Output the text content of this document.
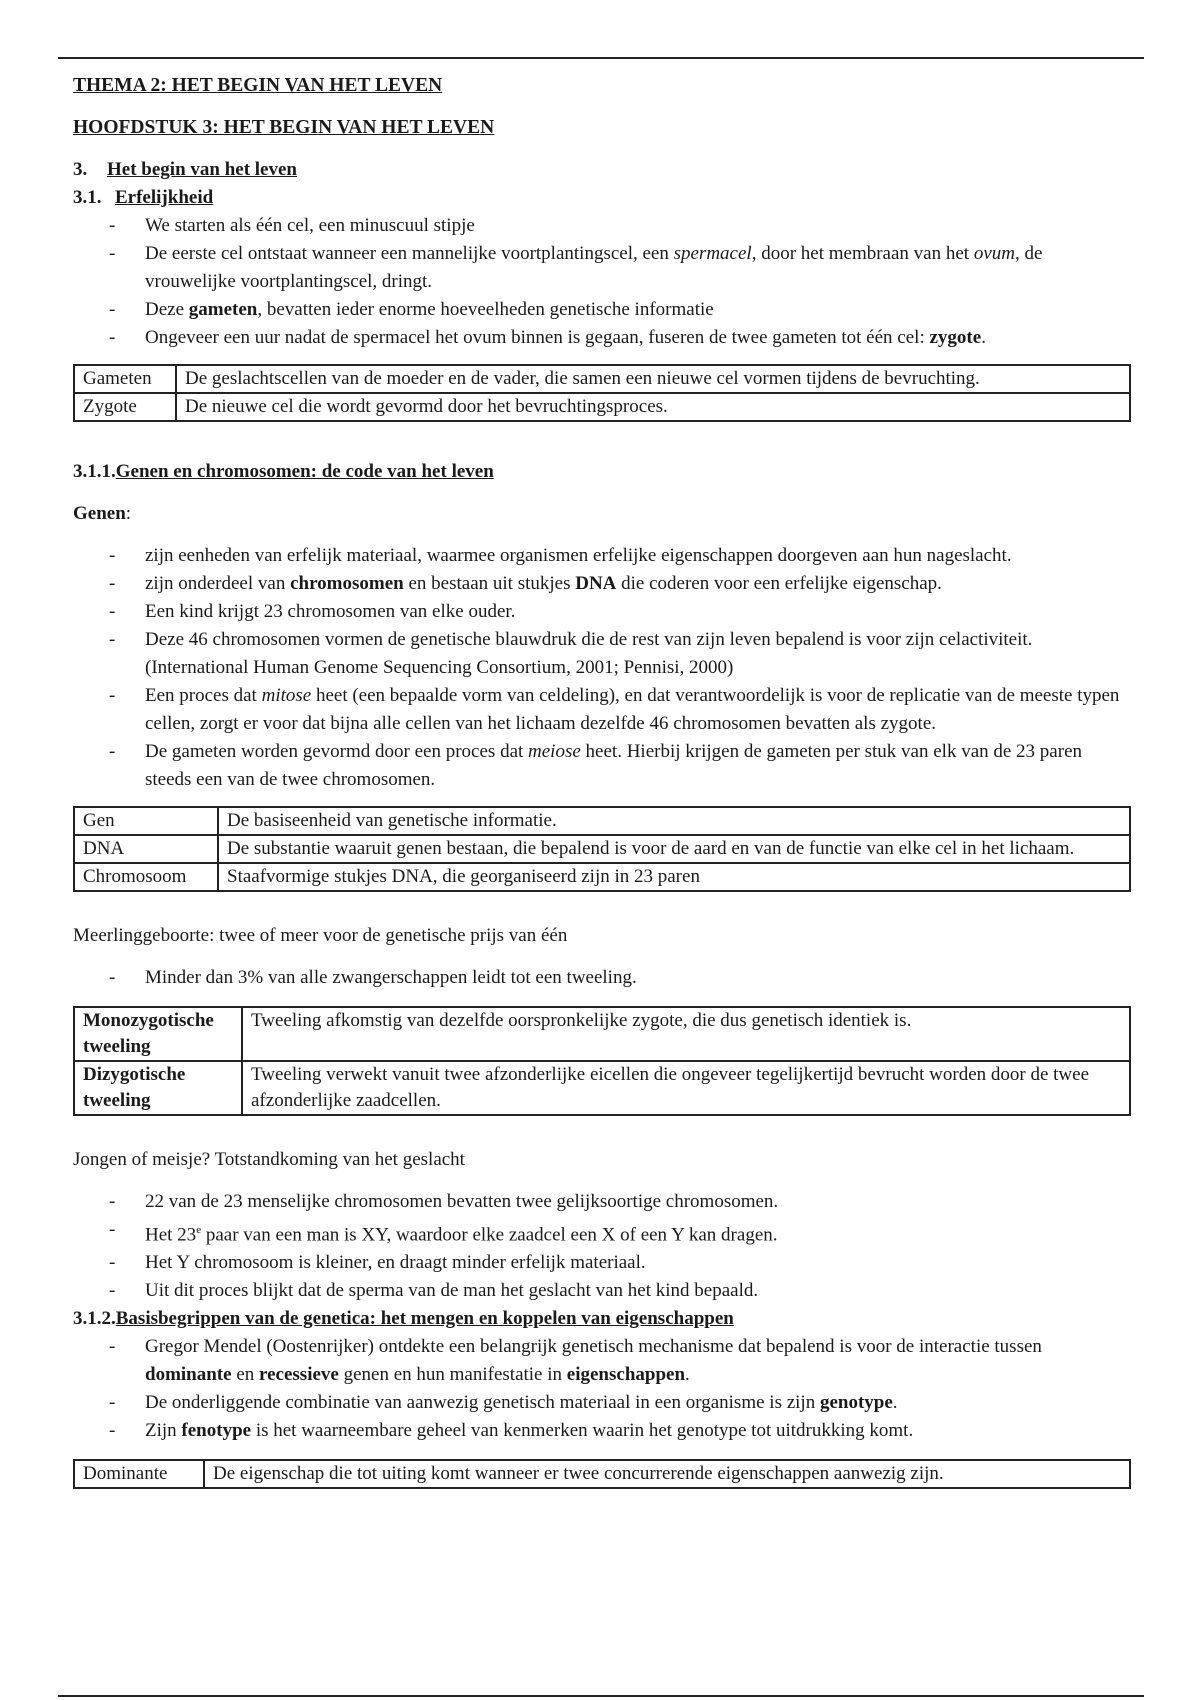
THEMA 2: HET BEGIN VAN HET LEVEN

HOOFDSTUK 3: HET BEGIN VAN HET LEVEN

3. Het begin van het leven

3.1. Erfelijkheid

- We starten als één cel, een minuscuul stipje
- De eerste cel ontstaat wanneer een mannelijke voortplantingscel, een spermacel, door het membraan van het ovum, de vrouwelijke voortplantingscel, dringt.
- Deze gameten, bevatten ieder enorme hoeveelheden genetische informatie
- Ongeveer een uur nadat de spermacel het ovum binnen is gegaan, fuseren de twee gameten tot één cel: zygote.
Gameten	De geslachtscellen van de moeder en de vader, die samen een nieuwe cel vormen tijdens de bevruchting.
Zygote	De nieuwe cel die wordt gevormd door het bevruchtingsproces.

3.1.1.Genen en chromosomen: de code van het leven

Genen:

- zijn eenheden van erfelijk materiaal, waarmee organismen erfelijke eigenschappen doorgeven aan hun nageslacht.
- zijn onderdeel van chromosomen en bestaan uit stukjes DNA die coderen voor een erfelijke eigenschap.
- Een kind krijgt 23 chromosomen van elke ouder.
- Deze 46 chromosomen vormen de genetische blauwdruk die de rest van zijn leven bepalend is voor zijn celactiviteit. (International Human Genome Sequencing Consortium, 2001; Pennisi, 2000)
- Een proces dat mitose heet (een bepaalde vorm van celdeling), en dat verantwoordelijk is voor de replicatie van de meeste typen cellen, zorgt er voor dat bijna alle cellen van het lichaam dezelfde 46 chromosomen bevatten als zygote.
- De gameten worden gevormd door een proces dat meiose heet. Hierbij krijgen de gameten per stuk van elk van de 23 paren steeds een van de twee chromosomen.
Gen	De basiseenheid van genetische informatie.
DNA	De substantie waaruit genen bestaan, die bepalend is voor de aard en van de functie van elke cel in het lichaam.
Chromosoom	Staafvormige stukjes DNA, die georganiseerd zijn in 23 paren

Meerlinggeboorte: twee of meer voor de genetische prijs van één

- Minder dan 3% van alle zwangerschappen leidt tot een tweeling.
Monozygotische tweeling	Tweeling afkomstig van dezelfde oorspronkelijke zygote, die dus genetisch identiek is.
Dizygotische tweeling	Tweeling verwekt vanuit twee afzonderlijke eicellen die ongeveer tegelijkertijd bevrucht worden door de twee afzonderlijke zaadcellen.

Jongen of meisje? Totstandkoming van het geslacht

- 22 van de 23 menselijke chromosomen bevatten twee gelijksoortige chromosomen.
- Het 23e paar van een man is XY, waardoor elke zaadcel een X of een Y kan dragen.
- Het Y chromosoom is kleiner, en draagt minder erfelijk materiaal.
- Uit dit proces blijkt dat de sperma van de man het geslacht van het kind bepaald.

3.1.2.Basisbegrippen van de genetica: het mengen en koppelen van eigenschappen

- Gregor Mendel (Oostenrijker) ontdekte een belangrijk genetisch mechanisme dat bepalend is voor de interactie tussen dominante en recessieve genen en hun manifestatie in eigenschappen.
- De onderliggende combinatie van aanwezig genetisch materiaal in een organisme is zijn genotype.
- Zijn fenotype is het waarneembare geheel van kenmerken waarin het genotype tot uitdrukking komt.
Dominante	De eigenschap die tot uiting komt wanneer er twee concurrerende eigenschappen aanwezig zijn.
